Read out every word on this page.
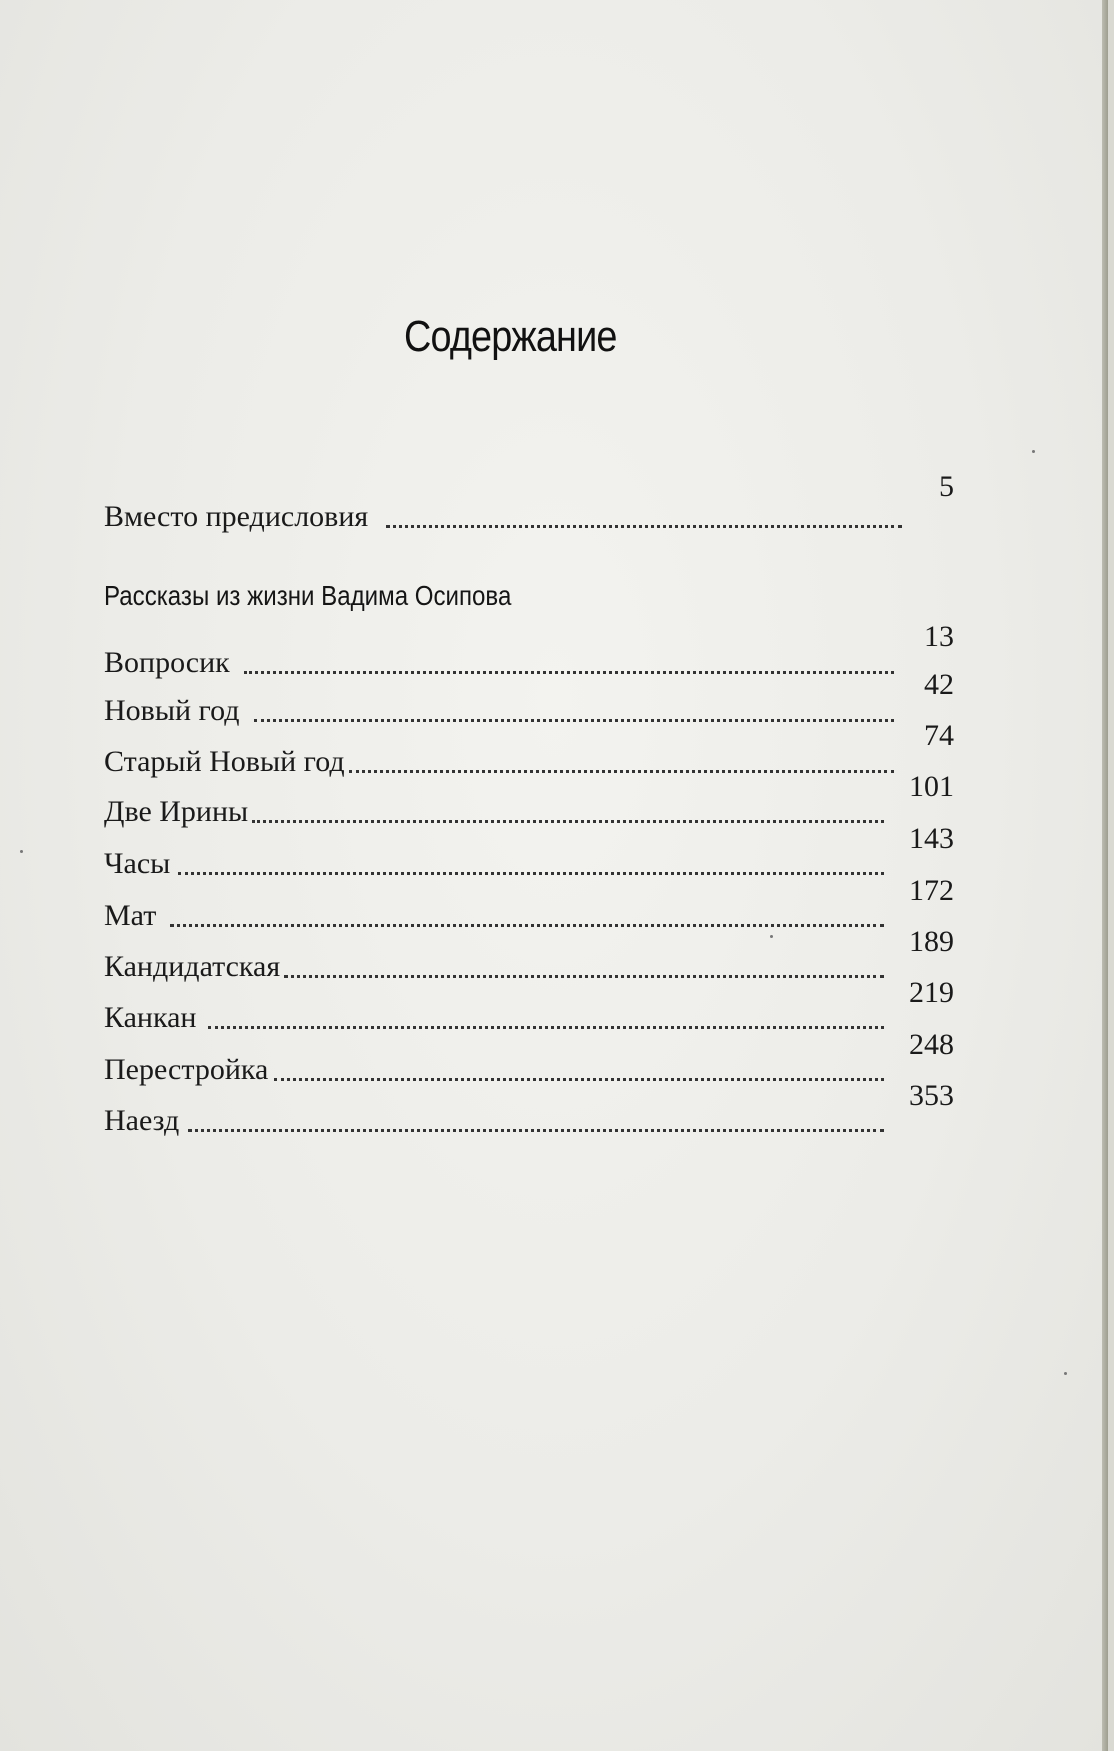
Содержание
Вместо предисловия
5
Рассказы из жизни Вадима Осипова
Вопросик
13
Новый год
42
Старый Новый год
74
Две Ирины
101
Часы
143
Мат
172
Кандидатская
189
Канкан
219
Перестройка
248
Наезд
353
